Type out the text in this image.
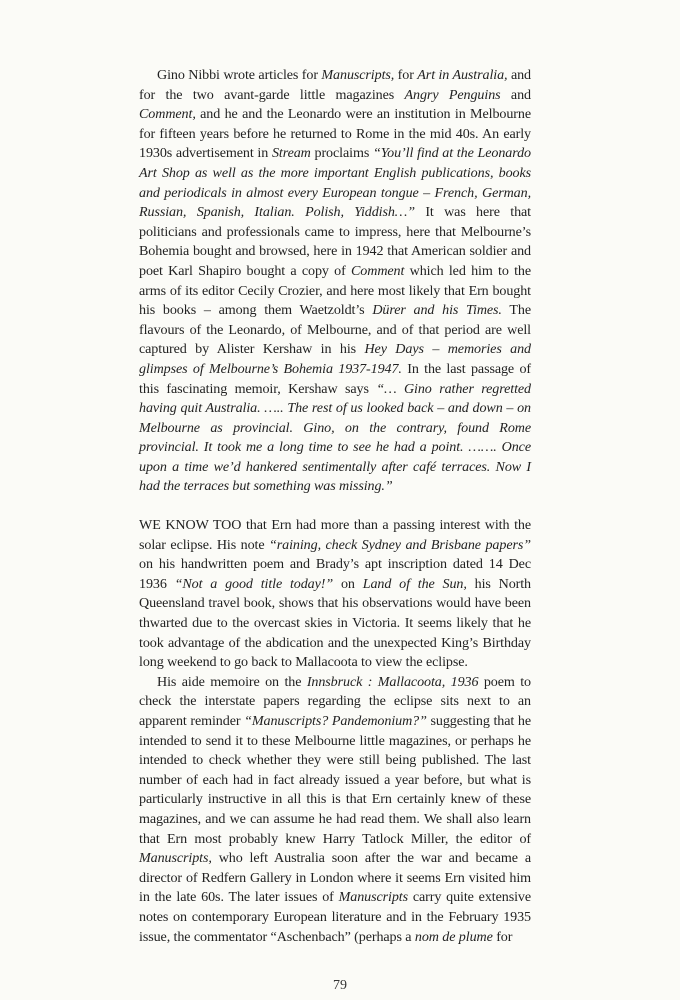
Gino Nibbi wrote articles for Manuscripts, for Art in Australia, and for the two avant-garde little magazines Angry Penguins and Comment, and he and the Leonardo were an institution in Melbourne for fifteen years before he returned to Rome in the mid 40s. An early 1930s advertisement in Stream proclaims “You’ll find at the Leonardo Art Shop as well as the more important English publications, books and periodicals in almost every European tongue – French, German, Russian, Spanish, Italian. Polish, Yiddish…” It was here that politicians and professionals came to impress, here that Melbourne’s Bohemia bought and browsed, here in 1942 that American soldier and poet Karl Shapiro bought a copy of Comment which led him to the arms of its editor Cecily Crozier, and here most likely that Ern bought his books – among them Waetzoldt’s Dürer and his Times. The flavours of the Leonardo, of Melbourne, and of that period are well captured by Alister Kershaw in his Hey Days – memories and glimpses of Melbourne’s Bohemia 1937-1947. In the last passage of this fascinating memoir, Kershaw says “… Gino rather regretted having quit Australia. ….. The rest of us looked back – and down – on Melbourne as provincial. Gino, on the contrary, found Rome provincial. It took me a long time to see he had a point. ……. Once upon a time we’d hankered sentimentally after café terraces. Now I had the terraces but something was missing.”

WE KNOW TOO that Ern had more than a passing interest with the solar eclipse. His note “raining, check Sydney and Brisbane papers” on his handwritten poem and Brady’s apt inscription dated 14 Dec 1936 “Not a good title today!” on Land of the Sun, his North Queensland travel book, shows that his observations would have been thwarted due to the overcast skies in Victoria. It seems likely that he took advantage of the abdication and the unexpected King’s Birthday long weekend to go back to Mallacoota to view the eclipse.

His aide memoire on the Innsbruck : Mallacoota, 1936 poem to check the interstate papers regarding the eclipse sits next to an apparent reminder “Manuscripts? Pandemonium?” suggesting that he intended to send it to these Melbourne little magazines, or perhaps he intended to check whether they were still being published. The last number of each had in fact already issued a year before, but what is particularly instructive in all this is that Ern certainly knew of these magazines, and we can assume he had read them. We shall also learn that Ern most probably knew Harry Tatlock Miller, the editor of Manuscripts, who left Australia soon after the war and became a director of Redfern Gallery in London where it seems Ern visited him in the late 60s. The later issues of Manuscripts carry quite extensive notes on contemporary European literature and in the February 1935 issue, the commentator “Aschenbach” (perhaps a nom de plume for

79
